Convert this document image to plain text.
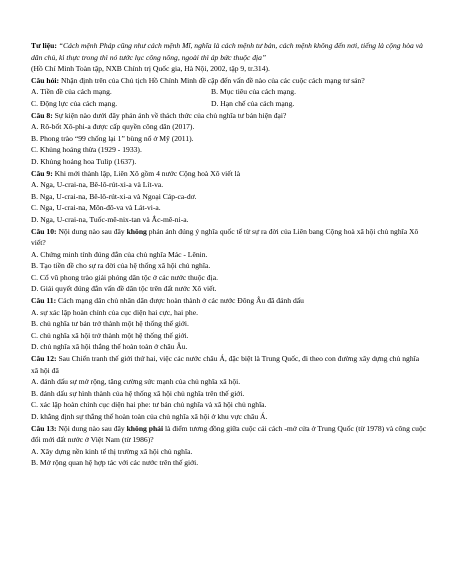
Tư liệu: “Cách mệnh Pháp cũng như cách mệnh Mĩ, nghĩa là cách mệnh tư bản, cách mệnh không đến nơi, tiếng là cộng hòa và dân chủ, kì thực trong thì nó tước lục công nông, ngoài thì áp bức thuộc địa”
(Hồ Chí Minh Toàn tập, NXB Chính trị Quốc gia, Hà Nội, 2002, tập 9, tr.314).
Câu hỏi: Nhận định trên của Chủ tịch Hồ Chính Minh đề cập đến vấn đề nào của các cuộc cách mạng tư sản?
A. Tiền đề của cách mạng.	B. Mục tiêu của cách mạng.
C. Động lực của cách mạng.	D. Hạn chế của cách mạng.
Câu 8: Sự kiện nào dưới đây phản ánh về thách thức của chủ nghĩa tư bản hiện đại?
A. Rô-bốt Xô-phi-a được cấp quyền công dân (2017).
B. Phong trào “99 chống lại 1” bùng nổ ở Mỹ (2011).
C. Khủng hoảng thừa (1929 - 1933).
D. Khủng hoảng hoa Tulip (1637).
Câu 9: Khi mới thành lập, Liên Xô gồm 4 nước Cộng hoà Xô viết là
A. Nga, U-crai-na, Bê-lô-rút-xi-a và Lít-va.
B. Nga, U-crai-na, Bê-lô-rút-xi-a và Ngoại Cáp-ca-dơ.
C. Nga, U-crai-na, Môn-đô-va và Lát-vi-a.
D. Nga, U-crai-na, Tuốc-mê-nix-tan và Ắc-mê-ni-a.
Câu 10: Nội dung nào sau đây không phản ánh đúng ý nghĩa quốc tế từ sự ra đời của Liên bang Cộng hoà xã hội chủ nghĩa Xô viết?
A. Chứng minh tính đúng đắn của chủ nghĩa Mác - Lênin.
B. Tạo tiền đề cho sự ra đời của hệ thống xã hội chủ nghĩa.
C. Cổ vũ phong trào giải phóng dân tộc ở các nước thuộc địa.
D. Giải quyết đúng đắn vấn đề dân tộc trên đất nước Xô viết.
Câu 11: Cách mạng dân chủ nhân dân được hoàn thành ở các nước Đông Âu đã đánh dấu
A. sự xác lập hoàn chỉnh của cục diện hai cực, hai phe.
B. chủ nghĩa tư bản trở thành một hệ thống thế giới.
C. chủ nghĩa xã hội trở thành một hệ thống thế giới.
D. chủ nghĩa xã hội thắng thế hoàn toàn ở châu Âu.
Câu 12: Sau Chiến tranh thế giới thứ hai, việc các nước châu Á, đặc biệt là Trung Quốc, đi theo con đường xây dựng chủ nghĩa xã hội đã
A. đánh dấu sự mở rộng, tăng cường sức mạnh của chủ nghĩa xã hội.
B. đánh dấu sự hình thành của hệ thống xã hội chủ nghĩa trên thế giới.
C. xác lập hoàn chỉnh cục diện hai phe: tư bản chủ nghĩa và xã hội chủ nghĩa.
D. khẳng định sự thắng thế hoàn toàn của chủ nghĩa xã hội ở khu vực châu Á.
Câu 13: Nội dung nào sau đây không phải là điểm tương đồng giữa cuộc cải cách -mở cửa ở Trung Quốc (từ 1978) và công cuộc đổi mới đất nước ở Việt Nam (từ 1986)?
A. Xây dựng nền kinh tế thị trường xã hội chủ nghĩa.
B. Mở rộng quan hệ hợp tác với các nước trên thế giới.
